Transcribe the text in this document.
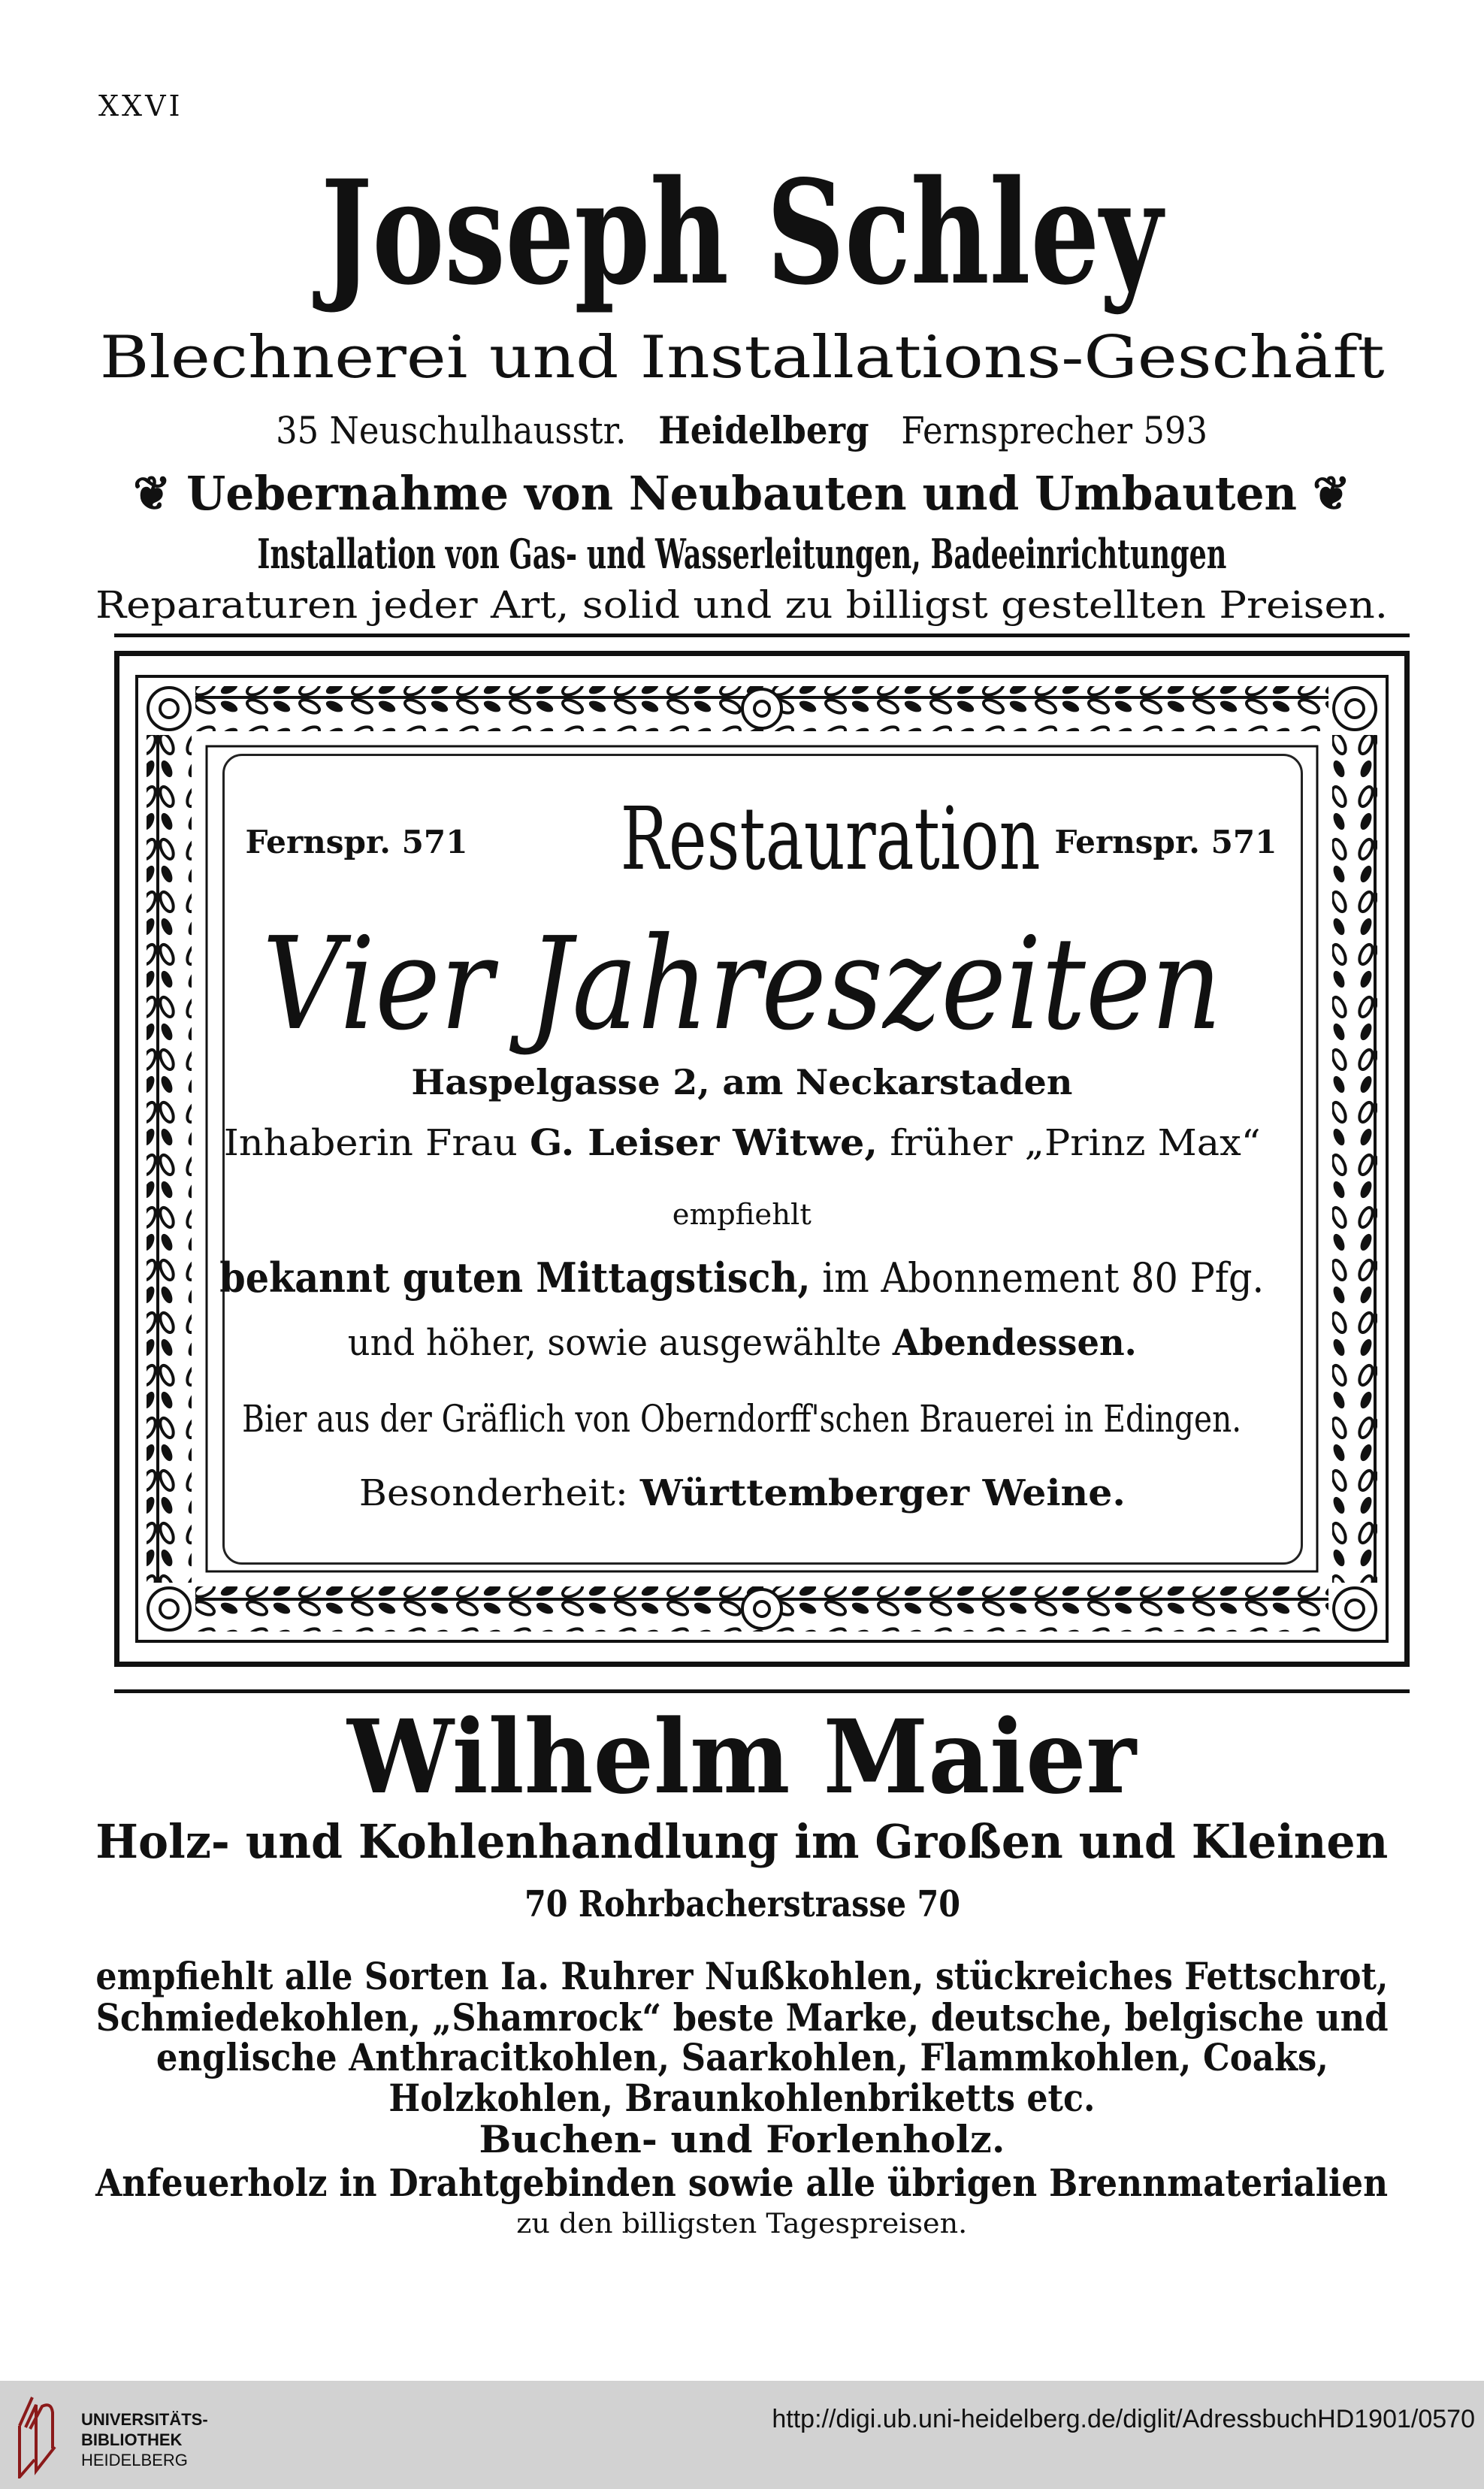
XXVI
Joseph Schley
Blechnerei und Installations-Geschäft
35 Neuschulhausstr. Heidelberg Fernsprecher 593
❦ Uebernahme von Neubauten und Umbauten ❦
Installation von Gas- und Wasserleitungen, Badeeinrichtungen
Reparaturen jeder Art, solid und zu billigst gestellten Preisen.
Fernspr. 571	Restauration Fernspr. 571
Vier Jahreszeiten
Haspelgasse 2, am Neckarstaden
Inhaberin Frau G. Leiser Witwe, früher „Prinz Max“
empfiehlt
bekannt guten Mittagstisch, im Abonnement 80 Pfg.
und höher, sowie ausgewählte Abendessen.
Bier aus der Gräflich von Oberndorff'schen Brauerei in Edingen.
Besonderheit: Württemberger Weine.
Wilhelm Maier
Holz- und Kohlenhandlung im Großen und Kleinen
70 Rohrbacherstrasse 70
empfiehlt alle Sorten Ia. Ruhrer Nußkohlen, stückreiches Fettschrot,
Schmiedekohlen, „Shamrock“ beste Marke, deutsche, belgische und
englische Anthracitkohlen, Saarkohlen, Flammkohlen, Coaks,
Holzkohlen, Braunkohlenbriketts etc.
Buchen- und Forlenholz.
Anfeuerholz in Drahtgebinden sowie alle übrigen Brennmaterialien
zu den billigsten Tagespreisen.
UNIVERSITÄTS-
BIBLIOTHEK
HEIDELBERG
http://digi.ub.uni-heidelberg.de/diglit/AdressbuchHD1901/0570
